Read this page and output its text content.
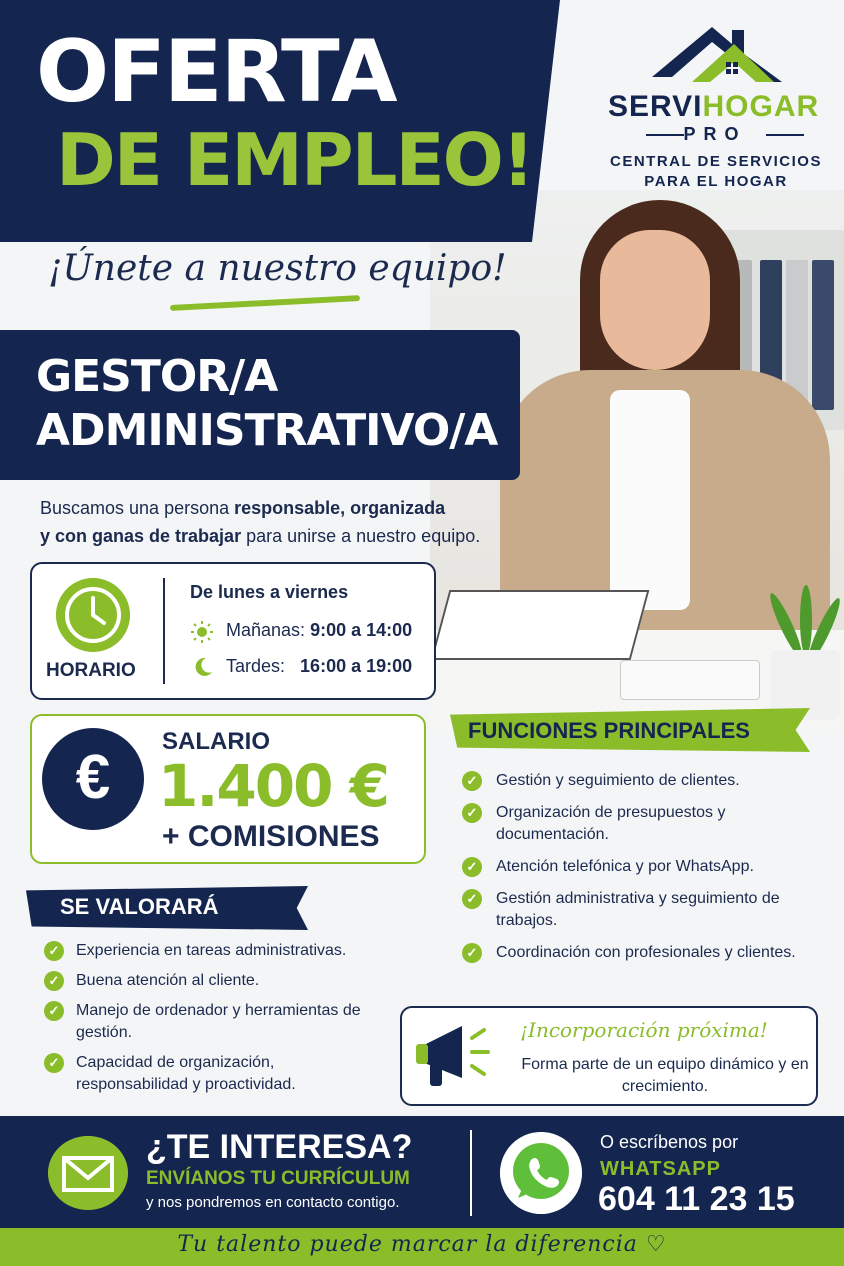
OFERTA
DE EMPLEO!
¡Únete a nuestro equipo!
SERVIHOGAR
PRO
CENTRAL DE SERVICIOS
PARA EL HOGAR
GESTOR/A
ADMINISTRATIVO/A
Buscamos una persona responsable, organizada
y con ganas de trabajar para unirse a nuestro equipo.
HORARIO
De lunes a viernes
Mañanas: 9:00 a 14:00
Tardes: 16:00 a 19:00
€
SALARIO
1.400 €
+ COMISIONES
SE VALORARÁ
✓ Experiencia en tareas administrativas.
✓ Buena atención al cliente.
✓ Manejo de ordenador y herramientas de gestión.
✓ Capacidad de organización, responsabilidad y proactividad.
FUNCIONES PRINCIPALES
✓ Gestión y seguimiento de clientes.
✓ Organización de presupuestos y documentación.
✓ Atención telefónica y por WhatsApp.
✓ Gestión administrativa y seguimiento de trabajos.
✓ Coordinación con profesionales y clientes.
¡Incorporación próxima!
Forma parte de un equipo dinámico y en crecimiento.
¿TE INTERESA?
ENVÍANOS TU CURRÍCULUM
y nos pondremos en contacto contigo.
O escríbenos por
WHATSAPP
604 11 23 15
Tu talento puede marcar la diferencia ♡
